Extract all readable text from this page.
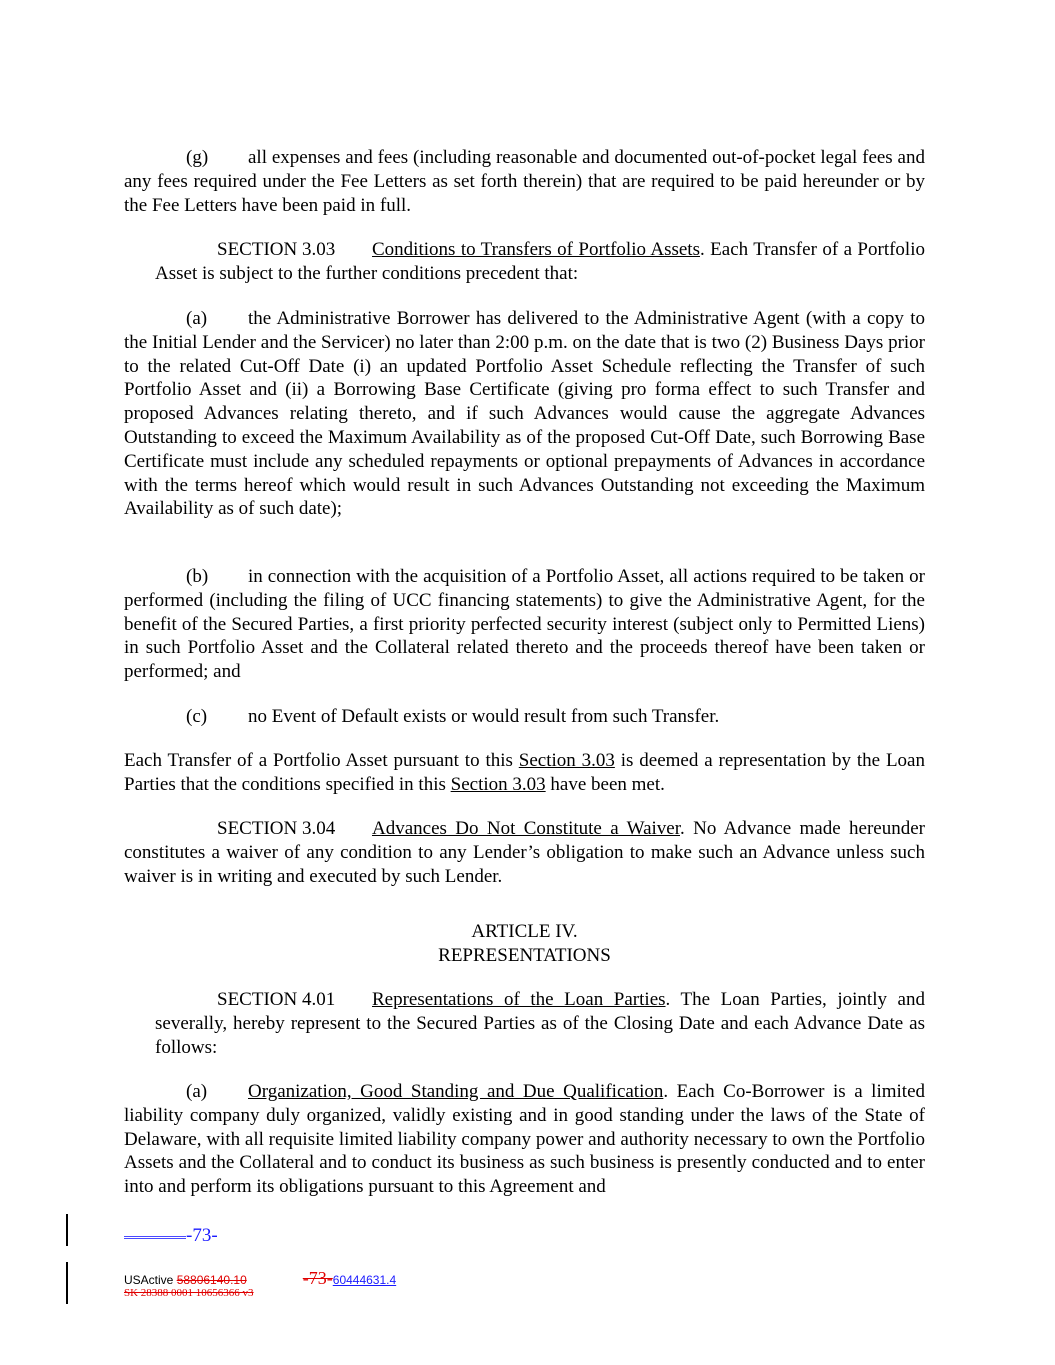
(g) all expenses and fees (including reasonable and documented out-of-pocket legal fees and any fees required under the Fee Letters as set forth therein) that are required to be paid hereunder or by the Fee Letters have been paid in full.
SECTION 3.03 Conditions to Transfers of Portfolio Assets. Each Transfer of a Portfolio Asset is subject to the further conditions precedent that:
(a) the Administrative Borrower has delivered to the Administrative Agent (with a copy to the Initial Lender and the Servicer) no later than 2:00 p.m. on the date that is two (2) Business Days prior to the related Cut-Off Date (i) an updated Portfolio Asset Schedule reflecting the Transfer of such Portfolio Asset and (ii) a Borrowing Base Certificate (giving pro forma effect to such Transfer and proposed Advances relating thereto, and if such Advances would cause the aggregate Advances Outstanding to exceed the Maximum Availability as of the proposed Cut-Off Date, such Borrowing Base Certificate must include any scheduled repayments or optional prepayments of Advances in accordance with the terms hereof which would result in such Advances Outstanding not exceeding the Maximum Availability as of such date);
(b) in connection with the acquisition of a Portfolio Asset, all actions required to be taken or performed (including the filing of UCC financing statements) to give the Administrative Agent, for the benefit of the Secured Parties, a first priority perfected security interest (subject only to Permitted Liens) in such Portfolio Asset and the Collateral related thereto and the proceeds thereof have been taken or performed; and
(c) no Event of Default exists or would result from such Transfer.
Each Transfer of a Portfolio Asset pursuant to this Section 3.03 is deemed a representation by the Loan Parties that the conditions specified in this Section 3.03 have been met.
SECTION 3.04 Advances Do Not Constitute a Waiver. No Advance made hereunder constitutes a waiver of any condition to any Lender’s obligation to make such an Advance unless such waiver is in writing and executed by such Lender.
ARTICLE IV.
REPRESENTATIONS
SECTION 4.01 Representations of the Loan Parties. The Loan Parties, jointly and severally, hereby represent to the Secured Parties as of the Closing Date and each Advance Date as follows:
(a) Organization, Good Standing and Due Qualification. Each Co-Borrower is a limited liability company duly organized, validly existing and in good standing under the laws of the State of Delaware, with all requisite limited liability company power and authority necessary to own the Portfolio Assets and the Collateral and to conduct its business as such business is presently conducted and to enter into and perform its obligations pursuant to this Agreement and
-73-
USActive 58806140.10	-73-60444631.4
SK 28388 0001 10656366 v3
